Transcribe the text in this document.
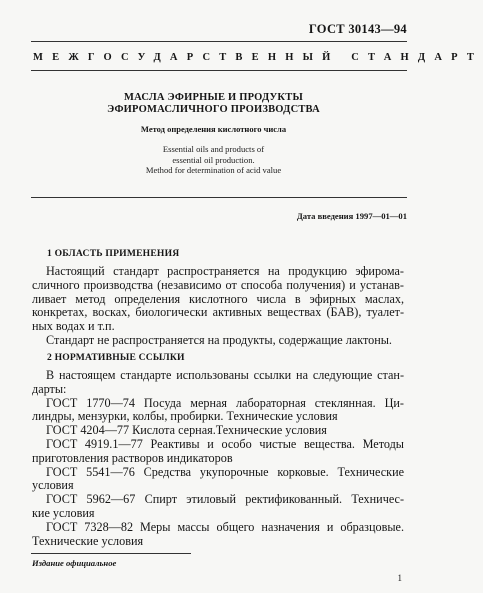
ГОСТ 30143—94
МЕЖГОСУДАРСТВЕННЫЙ СТАНДАРТ
МАСЛА ЭФИРНЫЕ И ПРОДУКТЫ
ЭФИРОМАСЛИЧНОГО ПРОИЗВОДСТВА
Метод определения кислотного числа
Essential oils and products of
essential oil production.
Method for determination of acid value
Дата введения 1997—01—01
1 ОБЛАСТЬ ПРИМЕНЕНИЯ
Настоящий стандарт распространяется на продукцию эфирома-
сличного производства (независимо от способа получения) и устанав-
ливает метод определения кислотного числа в эфирных маслах,
конкретах, восках, биологически активных веществах (БАВ), туалет-
ных водах и т.п.
Стандарт не распространяется на продукты, содержащие лактоны.
2 НОРМАТИВНЫЕ ССЫЛКИ
В настоящем стандарте использованы ссылки на следующие стан-
дарты:
ГОСТ 1770—74 Посуда мерная лабораторная стеклянная. Ци-
линдры, мензурки, колбы, пробирки. Технические условия
ГОСТ 4204—77 Кислота серная.Технические условия
ГОСТ 4919.1—77 Реактивы и особо чистые вещества. Методы
приготовления растворов индикаторов
ГОСТ 5541—76 Средства укупорочные корковые. Технические
условия
ГОСТ 5962—67 Спирт этиловый ректификованный. Техничес-
кие условия
ГОСТ 7328—82 Меры массы общего назначения и образцовые.
Технические условия
Издание официальное
1
